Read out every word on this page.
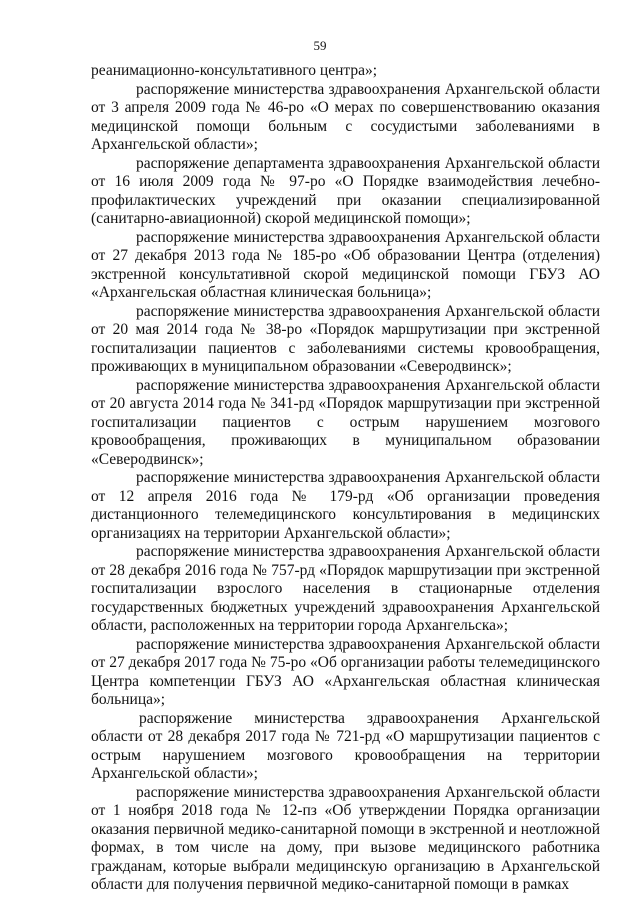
59

реанимационно-консультативного центра»;

распоряжение министерства здравоохранения Архангельской области от 3 апреля 2009 года № 46-ро «О мерах по совершенствованию оказания медицинской помощи больным с сосудистыми заболеваниями в Архангельской области»;

распоряжение департамента здравоохранения Архангельской области от 16 июля 2009 года № 97-ро «О Порядке взаимодействия лечебно-профилактических учреждений при оказании специализированной (санитарно-авиационной) скорой медицинской помощи»;

распоряжение министерства здравоохранения Архангельской области от 27 декабря 2013 года № 185-ро «Об образовании Центра (отделения) экстренной консультативной скорой медицинской помощи ГБУЗ АО «Архангельская областная клиническая больница»;

распоряжение министерства здравоохранения Архангельской области от 20 мая 2014 года № 38-ро «Порядок маршрутизации при экстренной госпитализации пациентов с заболеваниями системы кровообращения, проживающих в муниципальном образовании «Северодвинск»;

распоряжение министерства здравоохранения Архангельской области от 20 августа 2014 года № 341-рд «Порядок маршрутизации при экстренной госпитализации пациентов с острым нарушением мозгового кровообращения, проживающих в муниципальном образовании «Северодвинск»;

распоряжение министерства здравоохранения Архангельской области от 12 апреля 2016 года № 179-рд «Об организации проведения дистанционного телемедицинского консультирования в медицинских организациях на территории Архангельской области»;

распоряжение министерства здравоохранения Архангельской области от 28 декабря 2016 года № 757-рд «Порядок маршрутизации при экстренной госпитализации взрослого населения в стационарные отделения государственных бюджетных учреждений здравоохранения Архангельской области, расположенных на территории города Архангельска»;

распоряжение министерства здравоохранения Архангельской области от 27 декабря 2017 года № 75-ро «Об организации работы телемедицинского Центра компетенции ГБУЗ АО «Архангельская областная клиническая больница»;

распоряжение министерства здравоохранения Архангельской области от 28 декабря 2017 года № 721-рд «О маршрутизации пациентов с острым нарушением мозгового кровообращения на территории Архангельской области»;

распоряжение министерства здравоохранения Архангельской области от 1 ноября 2018 года № 12-пз «Об утверждении Порядка организации оказания первичной медико-санитарной помощи в экстренной и неотложной формах, в том числе на дому, при вызове медицинского работника гражданам, которые выбрали медицинскую организацию в Архангельской области для получения первичной медико-санитарной помощи в рамках
